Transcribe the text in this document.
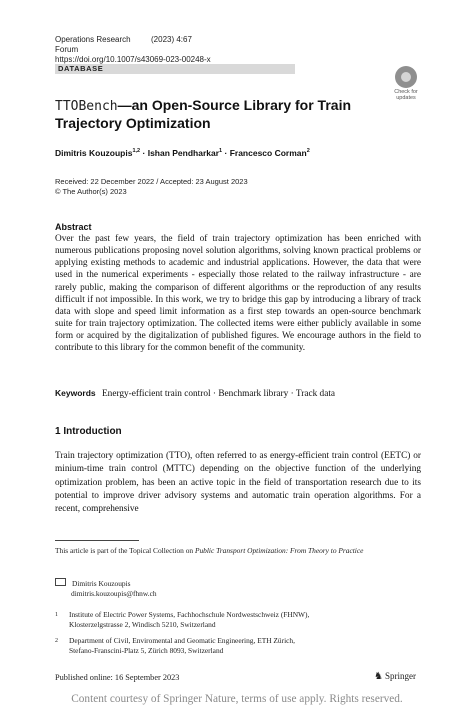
Operations Research Forum
(2023) 4:67
https://doi.org/10.1007/s43069-023-00248-x
DATABASE
Check for updates
TTOBench—an Open-Source Library for Train Trajectory Optimization
Dimitris Kouzoupis$^{1,2}$ · Ishan Pendharkar$^1$ · Francesco Corman$^2$
Received: 22 December 2022 / Accepted: 23 August 2023
© The Author(s) 2023
Abstract
Over the past few years, the field of train trajectory optimization has been enriched with numerous publications proposing novel solution algorithms, solving known practical problems or applying existing methods to academic and industrial applications. However, the data that were used in the numerical experiments - especially those related to the railway infrastructure - are rarely public, making the comparison of different algorithms or the reproduction of any results difficult if not impossible. In this work, we try to bridge this gap by introducing a library of track data with slope and speed limit information as a first step towards an open-source benchmark suite for train trajectory optimization. The collected items were either publicly available in some form or acquired by the digitalization of published figures. We encourage authors in the field to contribute to this library for the common benefit of the community.
Keywords Energy-efficient train control · Benchmark library · Track data
1 Introduction
Train trajectory optimization (TTO), often referred to as energy-efficient train control (EETC) or minium-time train control (MTTC) depending on the objective function of the underlying optimization problem, has been an active topic in the field of transportation research due to its potential to improve driver advisory systems and automatic train operation algorithms. For a recent, comprehensive
This article is part of the Topical Collection on Public Transport Optimization: From Theory to Practice
Dimitris Kouzoupis
dimitris.kouzoupis@fhnw.ch
1	Institute of Electric Power Systems, Fachhochschule Nordwestschweiz (FHNW),
Klosterzelgstrasse 2, Windisch 5210, Switzerland
2	Department of Civil, Enviromental and Geomatic Engineering, ETH Zürich,
Stefano-Franscini-Platz 5, Zürich 8093, Switzerland
Published online: 16 September 2023	♞ Springer
Content courtesy of Springer Nature, terms of use apply. Rights reserved.
